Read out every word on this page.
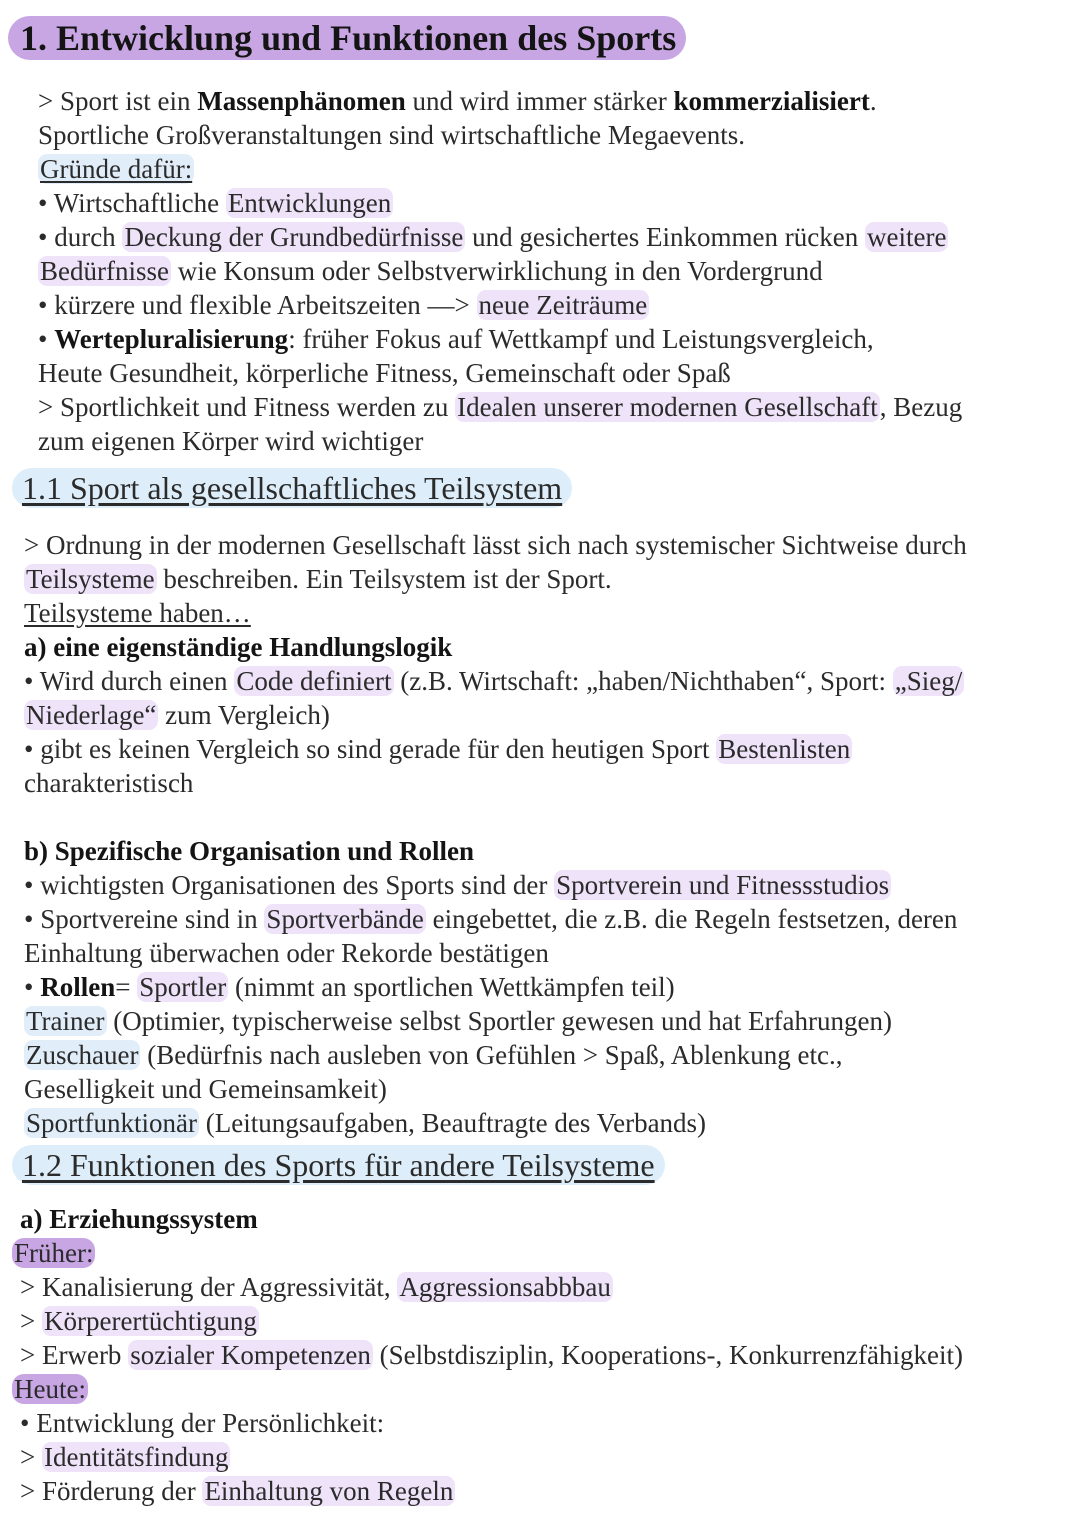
1. Entwicklung und Funktionen des Sports
> Sport ist ein Massenphänomen und wird immer stärker kommerzialisiert.
Sportliche Großveranstaltungen sind wirtschaftliche Megaevents.
Gründe dafür:
• Wirtschaftliche Entwicklungen
• durch Deckung der Grundbedürfnisse und gesichertes Einkommen rücken weitere
Bedürfnisse wie Konsum oder Selbstverwirklichung in den Vordergrund
• kürzere und flexible Arbeitszeiten —> neue Zeiträume
• Wertepluralisierung: früher Fokus auf Wettkampf und Leistungsvergleich,
Heute Gesundheit, körperliche Fitness, Gemeinschaft oder Spaß
> Sportlichkeit und Fitness werden zu Idealen unserer modernen Gesellschaft, Bezug
zum eigenen Körper wird wichtiger
1.1 Sport als gesellschaftliches Teilsystem
> Ordnung in der modernen Gesellschaft lässt sich nach systemischer Sichtweise durch
Teilsysteme beschreiben. Ein Teilsystem ist der Sport.
Teilsysteme haben…
a) eine eigenständige Handlungslogik
• Wird durch einen Code definiert (z.B. Wirtschaft: „haben/Nichthaben“, Sport: „Sieg/
Niederlage“ zum Vergleich)
• gibt es keinen Vergleich so sind gerade für den heutigen Sport Bestenlisten
charakteristisch
b) Spezifische Organisation und Rollen
• wichtigsten Organisationen des Sports sind der Sportverein und Fitnessstudios
• Sportvereine sind in Sportverbände eingebettet, die z.B. die Regeln festsetzen, deren
Einhaltung überwachen oder Rekorde bestätigen
• Rollen= Sportler (nimmt an sportlichen Wettkämpfen teil)
Trainer (Optimier, typischerweise selbst Sportler gewesen und hat Erfahrungen)
Zuschauer (Bedürfnis nach ausleben von Gefühlen > Spaß, Ablenkung etc.,
Geselligkeit und Gemeinsamkeit)
Sportfunktionär (Leitungsaufgaben, Beauftragte des Verbands)
1.2 Funktionen des Sports für andere Teilsysteme
a) Erziehungssystem
Früher:
> Kanalisierung der Aggressivität, Aggressionsabbbau
> Körperertüchtigung
> Erwerb sozialer Kompetenzen (Selbstdisziplin, Kooperations-, Konkurrenzfähigkeit)
Heute:
• Entwicklung der Persönlichkeit:
> Identitätsfindung
> Förderung der Einhaltung von Regeln
